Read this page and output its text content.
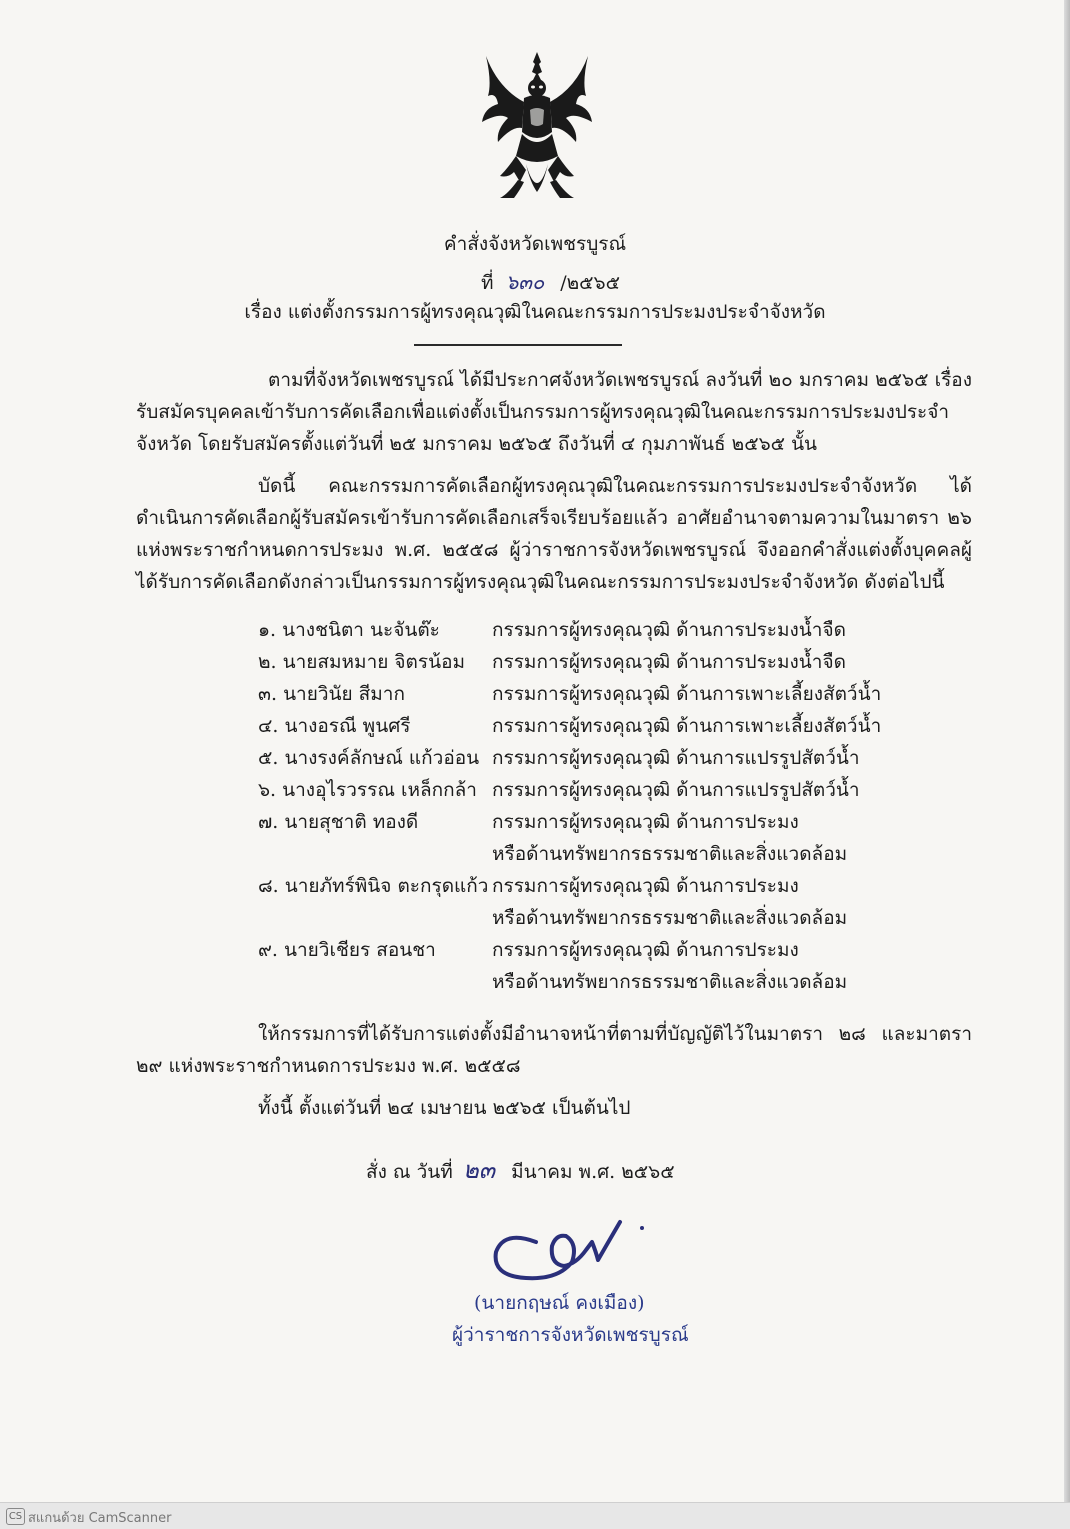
คำสั่งจังหวัดเพชรบูรณ์
ที่ ๖๓๐ /๒๕๖๕
เรื่อง แต่งตั้งกรรมการผู้ทรงคุณวุฒิในคณะกรรมการประมงประจำจังหวัด
ตามที่จังหวัดเพชรบูรณ์ ได้มีประกาศจังหวัดเพชรบูรณ์ ลงวันที่ ๒๐ มกราคม ๒๕๖๕ เรื่อง รับสมัครบุคคลเข้ารับการคัดเลือกเพื่อแต่งตั้งเป็นกรรมการผู้ทรงคุณวุฒิในคณะกรรมการประมงประจำจังหวัด โดยรับสมัครตั้งแต่วันที่ ๒๕ มกราคม ๒๕๖๕ ถึงวันที่ ๔ กุมภาพันธ์ ๒๕๖๕ นั้น
บัดนี้ คณะกรรมการคัดเลือกผู้ทรงคุณวุฒิในคณะกรรมการประมงประจำจังหวัด ได้ดำเนินการคัดเลือกผู้รับสมัครเข้ารับการคัดเลือกเสร็จเรียบร้อยแล้ว อาศัยอำนาจตามความในมาตรา ๒๖ แห่งพระราชกำหนดการประมง พ.ศ. ๒๕๕๘ ผู้ว่าราชการจังหวัดเพชรบูรณ์ จึงออกคำสั่งแต่งตั้งบุคคลผู้ได้รับการคัดเลือกดังกล่าวเป็นกรรมการผู้ทรงคุณวุฒิในคณะกรรมการประมงประจำจังหวัด ดังต่อไปนี้
๑. นางชนิตา นะจันต๊ะ	กรรมการผู้ทรงคุณวุฒิ ด้านการประมงน้ำจืด
๒. นายสมหมาย จิตรน้อม กรรมการผู้ทรงคุณวุฒิ ด้านการประมงน้ำจืด
๓. นายวินัย สีมาก	กรรมการผู้ทรงคุณวุฒิ ด้านการเพาะเลี้ยงสัตว์น้ำ
๔. นางอรณี พูนศรี	กรรมการผู้ทรงคุณวุฒิ ด้านการเพาะเลี้ยงสัตว์น้ำ
๕. นางรงค์ลักษณ์ แก้วอ่อน กรรมการผู้ทรงคุณวุฒิ ด้านการแปรรูปสัตว์น้ำ
๖. นางอุไรวรรณ เหล็กกล้า กรรมการผู้ทรงคุณวุฒิ ด้านการแปรรูปสัตว์น้ำ
๗. นายสุชาติ ทองดี	กรรมการผู้ทรงคุณวุฒิ ด้านการประมง
หรือด้านทรัพยากรธรรมชาติและสิ่งแวดล้อม
๘. นายภัทร์พินิจ ตะกรุดแก้ว กรรมการผู้ทรงคุณวุฒิ ด้านการประมง
หรือด้านทรัพยากรธรรมชาติและสิ่งแวดล้อม
๙. นายวิเชียร สอนชา	กรรมการผู้ทรงคุณวุฒิ ด้านการประมง
หรือด้านทรัพยากรธรรมชาติและสิ่งแวดล้อม
ให้กรรมการที่ได้รับการแต่งตั้งมีอำนาจหน้าที่ตามที่บัญญัติไว้ในมาตรา ๒๘ และมาตรา ๒๙ แห่งพระราชกำหนดการประมง พ.ศ. ๒๕๕๘
ทั้งนี้ ตั้งแต่วันที่ ๒๔ เมษายน ๒๕๖๕ เป็นต้นไป
สั่ง ณ วันที่ ๒๓ มีนาคม พ.ศ. ๒๕๖๕
(นายกฤษณ์ คงเมือง)
ผู้ว่าราชการจังหวัดเพชรบูรณ์
CS สแกนด้วย CamScanner
